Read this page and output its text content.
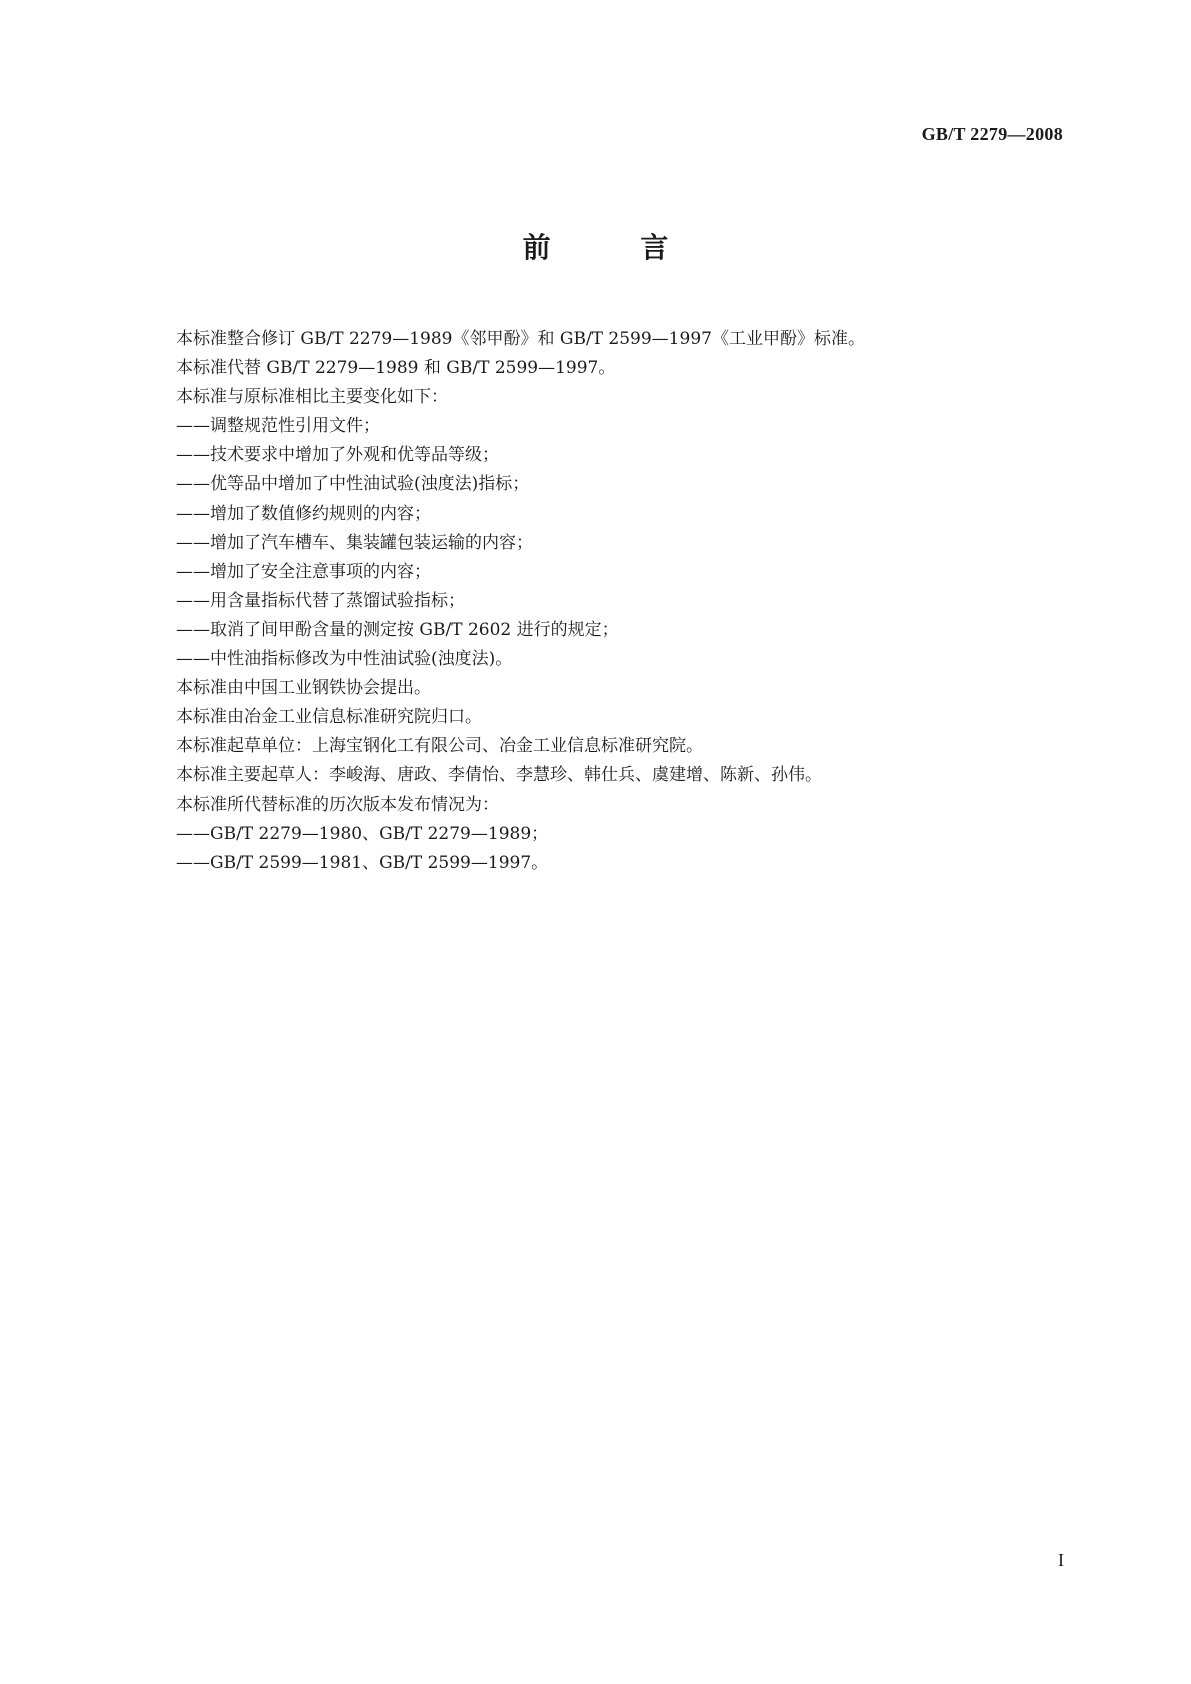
GB/T 2279—2008

前 言
本标准整合修订 GB/T 2279—1989《邻甲酚》和 GB/T 2599—1997《工业甲酚》标准。
本标准代替 GB/T 2279—1989 和 GB/T 2599—1997。
本标准与原标准相比主要变化如下：
——调整规范性引用文件；
——技术要求中增加了外观和优等品等级；
——优等品中增加了中性油试验(浊度法)指标；
——增加了数值修约规则的内容；
——增加了汽车槽车、集装罐包装运输的内容；
——增加了安全注意事项的内容；
——用含量指标代替了蒸馏试验指标；
——取消了间甲酚含量的测定按 GB/T 2602 进行的规定；
——中性油指标修改为中性油试验(浊度法)。
本标准由中国工业钢铁协会提出。
本标准由冶金工业信息标准研究院归口。
本标准起草单位：上海宝钢化工有限公司、冶金工业信息标准研究院。
本标准主要起草人：李峻海、唐政、李倩怡、李慧珍、韩仕兵、虞建增、陈新、孙伟。
本标准所代替标准的历次版本发布情况为：
——GB/T 2279—1980、GB/T 2279—1989；
——GB/T 2599—1981、GB/T 2599—1997。

I
